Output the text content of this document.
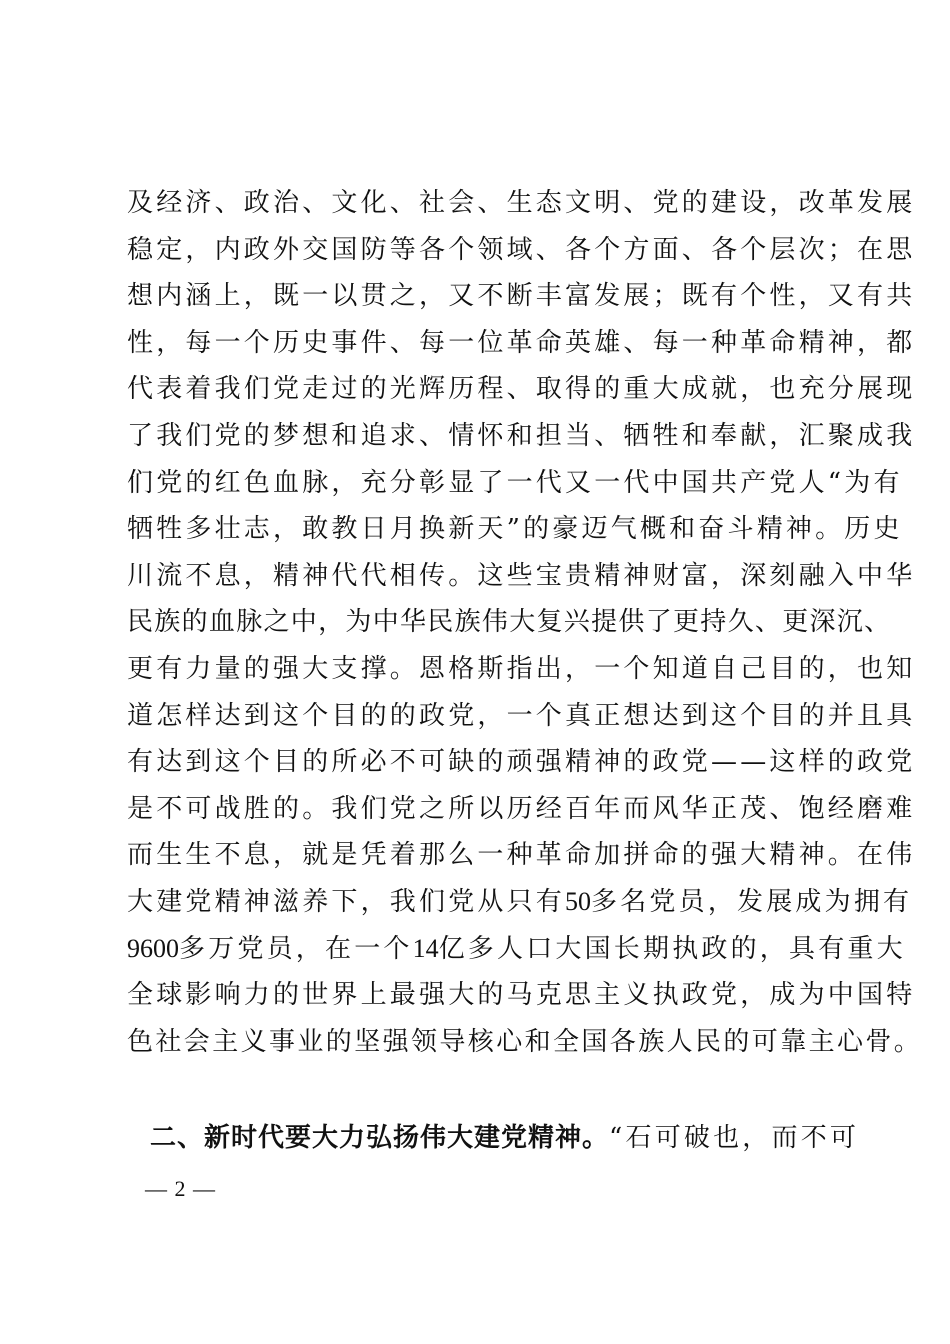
及经济、政治、文化、社会、生态文明、党的建设，改革发展
稳定，内政外交国防等各个领域、各个方面、各个层次；在思
想内涵上，既一以贯之，又不断丰富发展；既有个性，又有共
性，每一个历史事件、每一位革命英雄、每一种革命精神，都
代表着我们党走过的光辉历程、取得的重大成就，也充分展现
了我们党的梦想和追求、情怀和担当、牺牲和奉献，汇聚成我
们党的红色血脉，充分彰显了一代又一代中国共产党人“为有
牺牲多壮志，敢教日月换新天”的豪迈气概和奋斗精神。历史
川流不息，精神代代相传。这些宝贵精神财富，深刻融入中华
民族的血脉之中，为中华民族伟大复兴提供了更持久、更深沉、
更有力量的强大支撑。恩格斯指出，一个知道自己目的，也知
道怎样达到这个目的的政党，一个真正想达到这个目的并且具
有达到这个目的所必不可缺的顽强精神的政党——这样的政党
是不可战胜的。我们党之所以历经百年而风华正茂、饱经磨难
而生生不息，就是凭着那么一种革命加拼命的强大精神。在伟
大建党精神滋养下，我们党从只有50多名党员，发展成为拥有
9600多万党员，在一个14亿多人口大国长期执政的，具有重大
全球影响力的世界上最强大的马克思主义执政党，成为中国特
色社会主义事业的坚强领导核心和全国各族人民的可靠主心骨。
二、新时代要大力弘扬伟大建党精神。“石可破也，而不可
— 2 —
